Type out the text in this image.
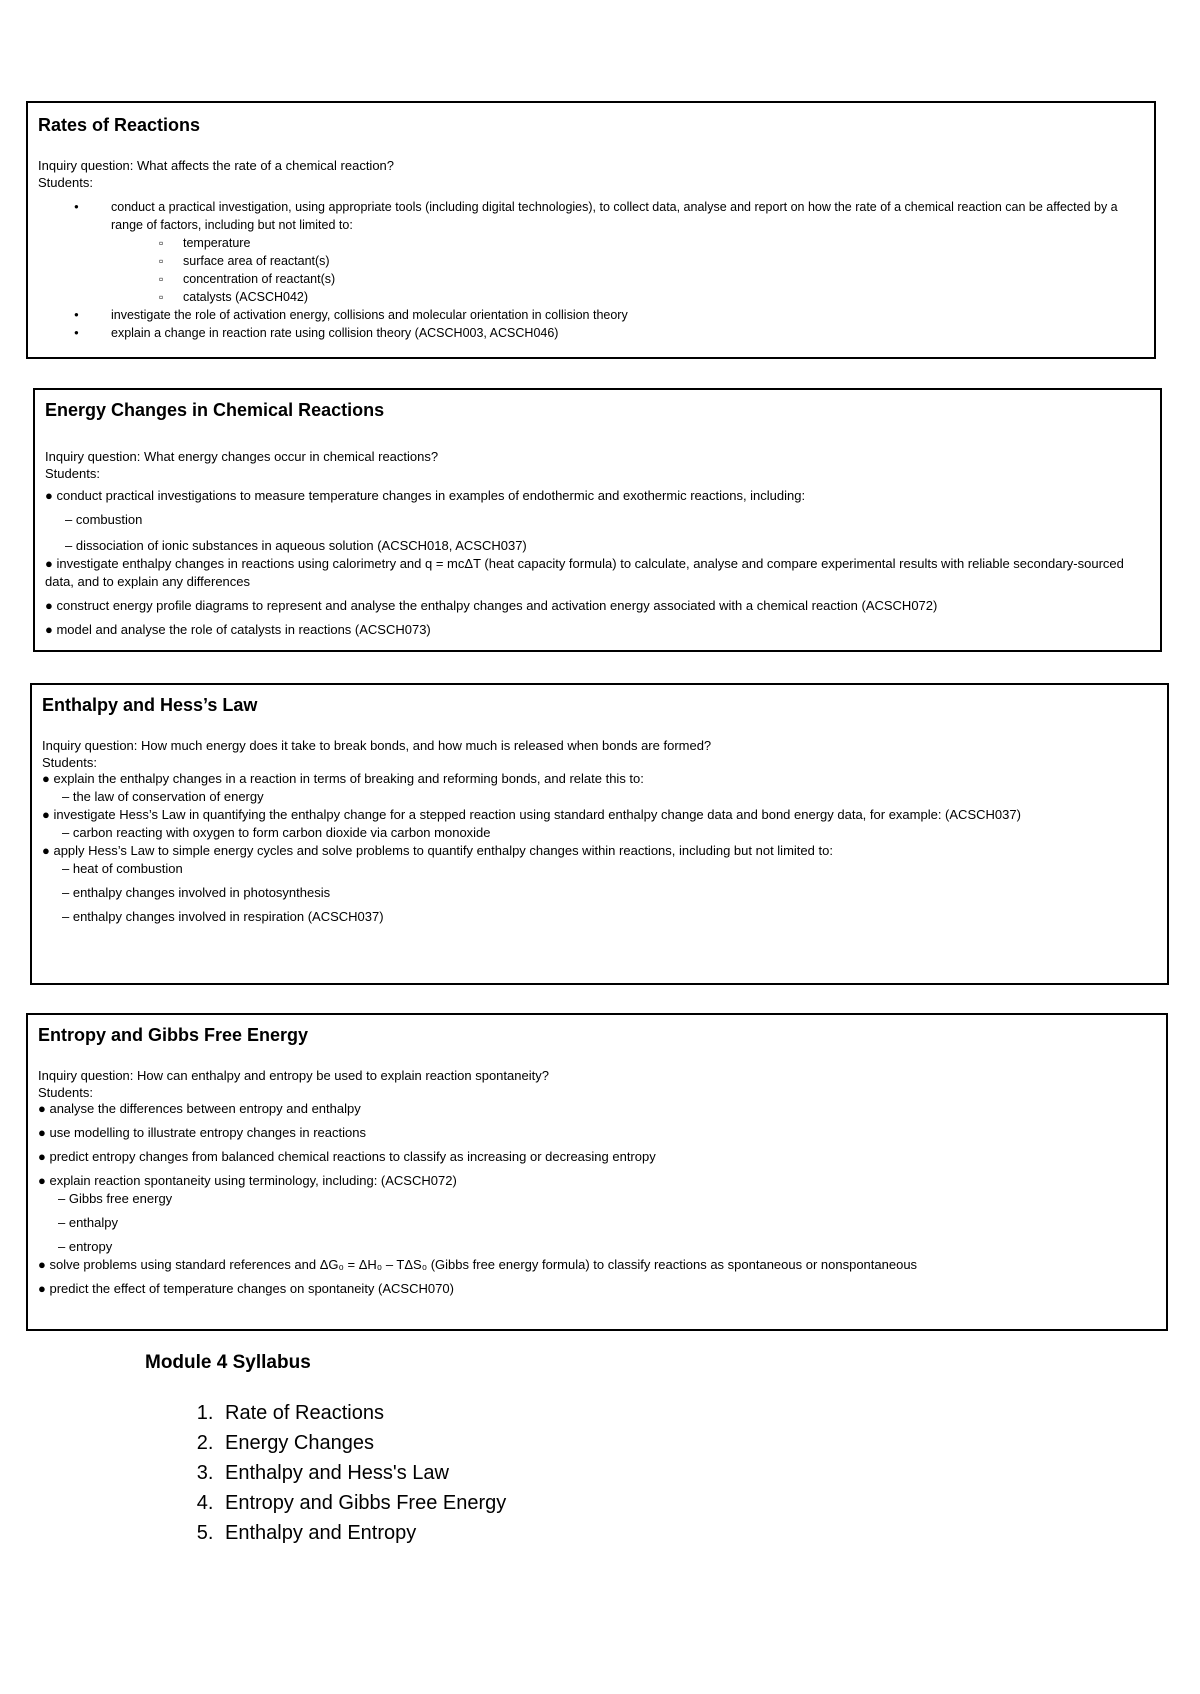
Rates of Reactions
Inquiry question: What affects the rate of a chemical reaction?
Students:
● conduct a practical investigation, using appropriate tools (including digital technologies), to collect data, analyse and report on how the rate of a chemical reaction can be affected by a range of factors, including but not limited to:
▫ temperature
▫ surface area of reactant(s)
▫ concentration of reactant(s)
▫ catalysts (ACSCH042)
● investigate the role of activation energy, collisions and molecular orientation in collision theory
● explain a change in reaction rate using collision theory (ACSCH003, ACSCH046)
Energy Changes in Chemical Reactions
Inquiry question: What energy changes occur in chemical reactions?
Students:
● conduct practical investigations to measure temperature changes in examples of endothermic and exothermic reactions, including:
– combustion
– dissociation of ionic substances in aqueous solution (ACSCH018, ACSCH037)
● investigate enthalpy changes in reactions using calorimetry and q = mcΔT (heat capacity formula) to calculate, analyse and compare experimental results with reliable secondary-sourced data, and to explain any differences
● construct energy profile diagrams to represent and analyse the enthalpy changes and activation energy associated with a chemical reaction (ACSCH072)
● model and analyse the role of catalysts in reactions (ACSCH073)
Enthalpy and Hess’s Law
Inquiry question: How much energy does it take to break bonds, and how much is released when bonds are formed?
Students:
● explain the enthalpy changes in a reaction in terms of breaking and reforming bonds, and relate this to:
– the law of conservation of energy
● investigate Hess’s Law in quantifying the enthalpy change for a stepped reaction using standard enthalpy change data and bond energy data, for example: (ACSCH037)
– carbon reacting with oxygen to form carbon dioxide via carbon monoxide
● apply Hess’s Law to simple energy cycles and solve problems to quantify enthalpy changes within reactions, including but not limited to:
– heat of combustion
– enthalpy changes involved in photosynthesis
– enthalpy changes involved in respiration (ACSCH037)
Entropy and Gibbs Free Energy
Inquiry question: How can enthalpy and entropy be used to explain reaction spontaneity?
Students:
● analyse the differences between entropy and enthalpy
● use modelling to illustrate entropy changes in reactions
● predict entropy changes from balanced chemical reactions to classify as increasing or decreasing entropy
● explain reaction spontaneity using terminology, including: (ACSCH072)
– Gibbs free energy
– enthalpy
– entropy
● solve problems using standard references and ΔG₀ = ΔH₀ – TΔS₀ (Gibbs free energy formula) to classify reactions as spontaneous or nonspontaneous
● predict the effect of temperature changes on spontaneity (ACSCH070)
Module 4 Syllabus
1. Rate of Reactions
2. Energy Changes
3. Enthalpy and Hess's Law
4. Entropy and Gibbs Free Energy
5. Enthalpy and Entropy
